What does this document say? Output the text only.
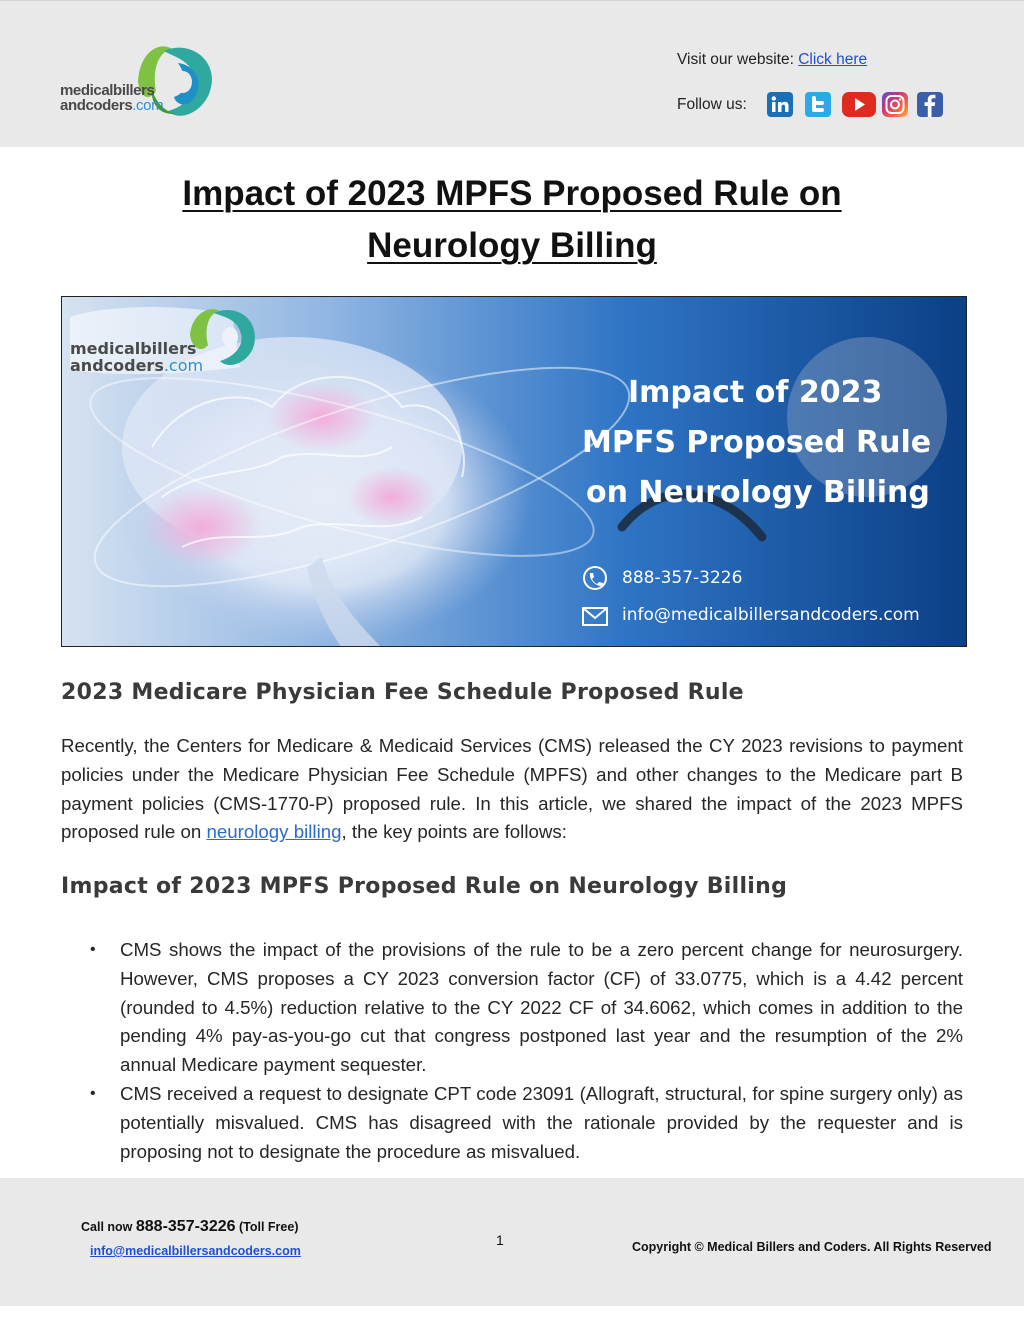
medicalbillers
andcoders.com
Visit our website: Click here
Follow us:
Impact of 2023 MPFS Proposed Rule on
Neurology Billing
medicalbillers
andcoders.com
Impact of 2023
MPFS Proposed Rule
on Neurology Billing
888-357-3226
info@medicalbillersandcoders.com
2023 Medicare Physician Fee Schedule Proposed Rule
Recently, the Centers for Medicare & Medicaid Services (CMS) released the CY 2023 revisions to payment policies under the Medicare Physician Fee Schedule (MPFS) and other changes to the Medicare part B payment policies (CMS-1770-P) proposed rule. In this article, we shared the impact of the 2023 MPFS proposed rule on neurology billing, the key points are follows:
Impact of 2023 MPFS Proposed Rule on Neurology Billing
• CMS shows the impact of the provisions of the rule to be a zero percent change for neurosurgery. However, CMS proposes a CY 2023 conversion factor (CF) of 33.0775, which is a 4.42 percent (rounded to 4.5%) reduction relative to the CY 2022 CF of 34.6062, which comes in addition to the pending 4% pay-as-you-go cut that congress postponed last year and the resumption of the 2% annual Medicare payment sequester.
• CMS received a request to designate CPT code 23091 (Allograft, structural, for spine surgery only) as potentially misvalued. CMS has disagreed with the rationale provided by the requester and is proposing not to designate the procedure as misvalued.
Call now 888-357-3226 (Toll Free)
info@medicalbillersandcoders.com
1	Copyright © Medical Billers and Coders. All Rights Reserved
